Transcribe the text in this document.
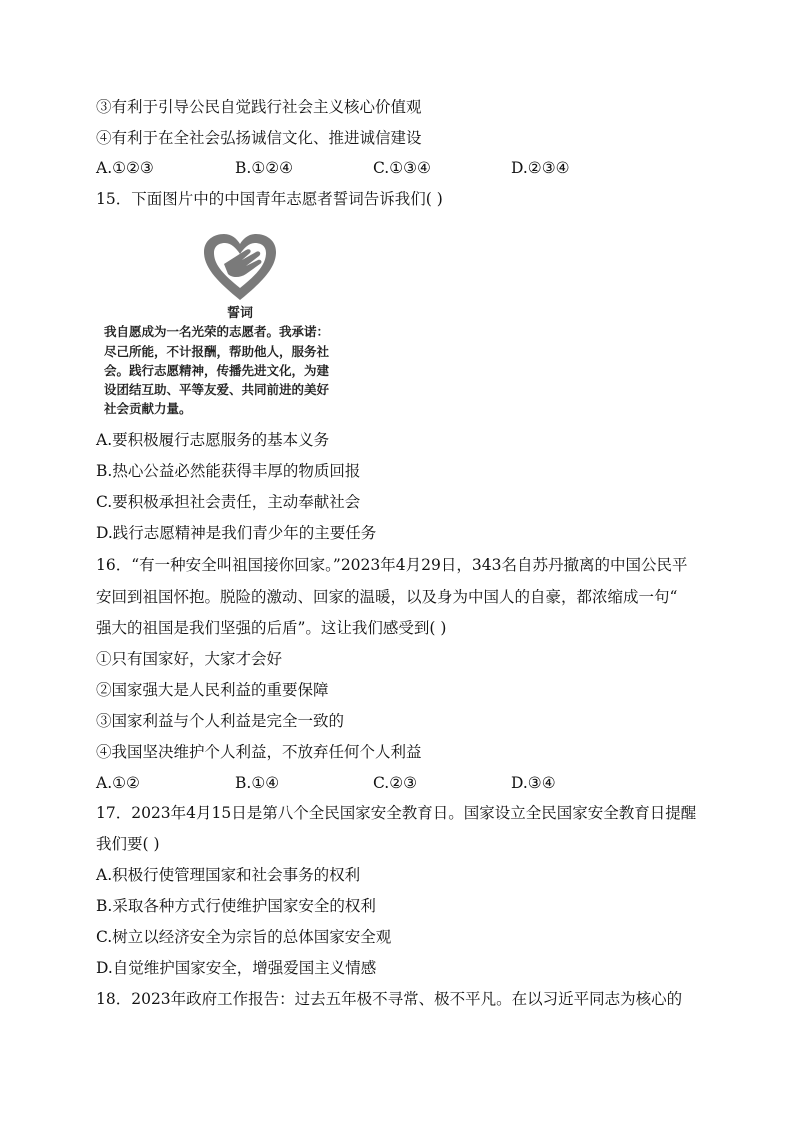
③有利于引导公民自觉践行社会主义核心价值观
④有利于在全社会弘扬诚信文化、推进诚信建设
A.①②③	B.①②④	C.①③④	D.②③④
15．下面图片中的中国青年志愿者誓词告诉我们( )
誓词
我自愿成为一名光荣的志愿者。我承诺：
尽己所能，不计报酬，帮助他人，服务社
会。践行志愿精神，传播先进文化，为建
设团结互助、平等友爱、共同前进的美好
社会贡献力量。
A.要积极履行志愿服务的基本义务
B.热心公益必然能获得丰厚的物质回报
C.要积极承担社会责任，主动奉献社会
D.践行志愿精神是我们青少年的主要任务
16．“有一种安全叫祖国接你回家。”2023年4月29日，343名自苏丹撤离的中国公民平
安回到祖国怀抱。脱险的激动、回家的温暖，以及身为中国人的自豪，都浓缩成一句“
强大的祖国是我们坚强的后盾”。这让我们感受到( )
①只有国家好，大家才会好
②国家强大是人民利益的重要保障
③国家利益与个人利益是完全一致的
④我国坚决维护个人利益，不放弃任何个人利益
A.①②	B.①④	C.②③	D.③④
17．2023年4月15日是第八个全民国家安全教育日。国家设立全民国家安全教育日提醒
我们要( )
A.积极行使管理国家和社会事务的权利
B.采取各种方式行使维护国家安全的权利
C.树立以经济安全为宗旨的总体国家安全观
D.自觉维护国家安全，增强爱国主义情感
18．2023年政府工作报告：过去五年极不寻常、极不平凡。在以习近平同志为核心的
